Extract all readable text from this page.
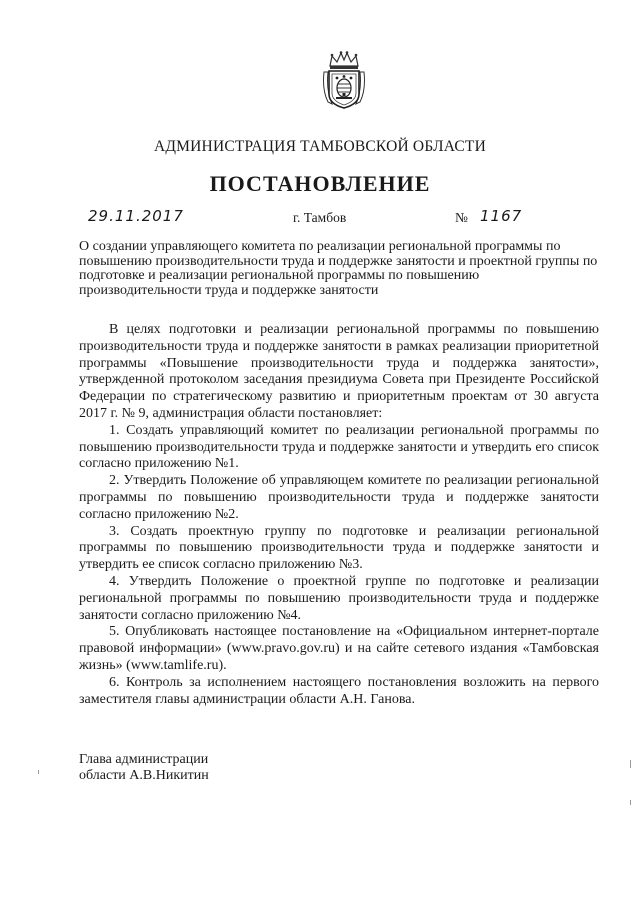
АДМИНИСТРАЦИЯ ТАМБОВСКОЙ ОБЛАСТИ
ПОСТАНОВЛЕНИЕ
29.11.2017	г. Тамбов	№ 1167
О создании управляющего комитета по реализации региональной программы по повышению производительности труда и поддержке занятости и проектной группы по подготовке и реализации региональной программы по повышению производительности труда и поддержке занятости

В целях подготовки и реализации региональной программы по повышению производительности труда и поддержке занятости в рамках реализации приоритетной программы «Повышение производительности труда и поддержка занятости», утвержденной протоколом заседания президиума Совета при Президенте Российской Федерации по стратегическому развитию и приоритетным проектам от 30 августа 2017 г. № 9, администрация области постановляет:

1. Создать управляющий комитет по реализации региональной программы по повышению производительности труда и поддержке занятости и утвердить его список согласно приложению №1.

2. Утвердить Положение об управляющем комитете по реализации региональной программы по повышению производительности труда и поддержке занятости согласно приложению №2.

3. Создать проектную группу по подготовке и реализации региональной программы по повышению производительности труда и поддержке занятости и утвердить ее список согласно приложению №3.

4. Утвердить Положение о проектной группе по подготовке и реализации региональной программы по повышению производительности труда и поддержке занятости согласно приложению №4.

5. Опубликовать настоящее постановление на «Официальном интернет-портале правовой информации» (www.pravo.gov.ru) и на сайте сетевого издания «Тамбовская жизнь» (www.tamlife.ru).

6. Контроль за исполнением настоящего постановления возложить на первого заместителя главы администрации области А.Н. Ганова.

Глава администрации
области А.В.Никитин
